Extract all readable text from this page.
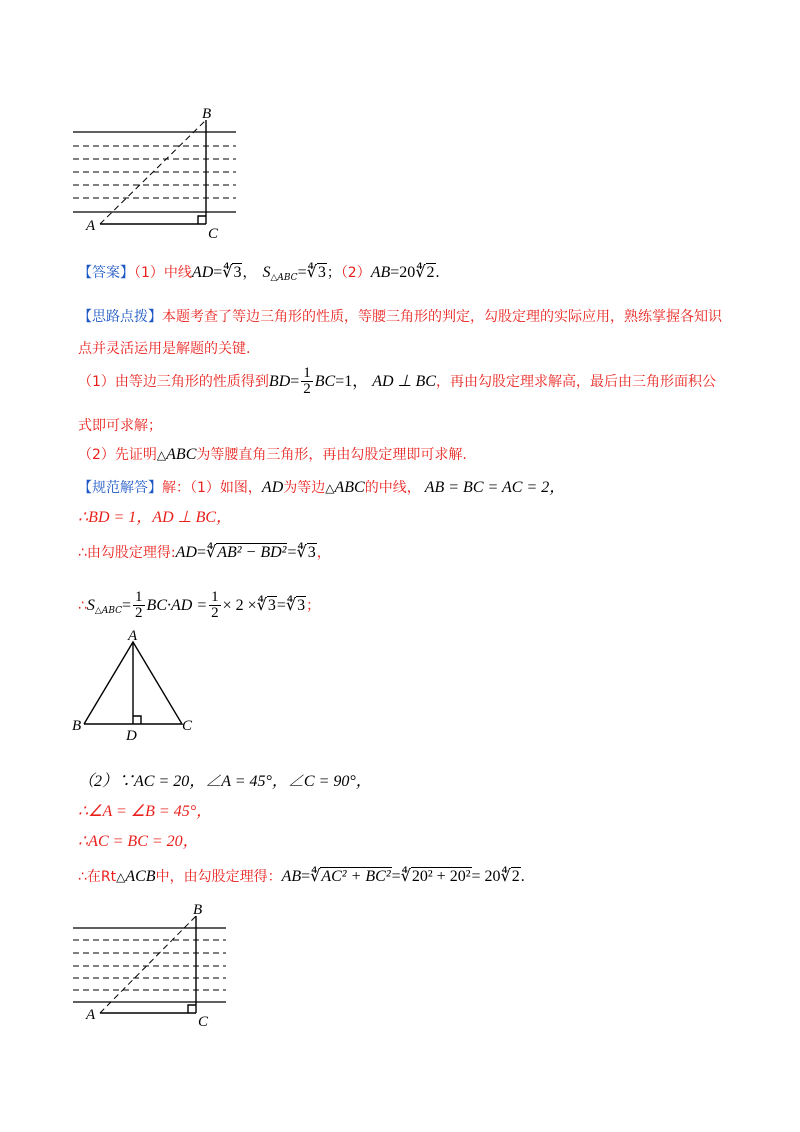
B
A	C
【答案】（1）中线AD=∜3， $S_{\triangle ABC}=∜3$；（2）AB=20∜2.
【思路点拨】本题考查了等边三角形的性质，等腰三角形的判定，勾股定理的实际应用，熟练掌握各知识
点并灵活运用是解题的关键.
（1）由等边三角形的性质得到$BD= \frac{1}{2} BC=1$， AD ⊥ BC，再由勾股定理求解高，最后由三角形面积公
式即可求解；
（2）先证明△ABC为等腰直角三角形，再由勾股定理即可求解.
【规范解答】解：（1）如图，AD为等边△ABC的中线， AB = BC = AC = 2，
∴BD = 1，AD ⊥ BC，
∴由勾股定理得:AD=∜AB² − BD²=∜3，
$\therefore S_{\triangle ABC}= \frac{1}{2} BC\cdot AD = \frac{1}{2} \times 2$ ×∜3=∜3；
A
B	C
D
（2）∵AC = 20，∠A = 45°，∠C = 90°，
∴∠A = ∠B = 45°，
∴AC = BC = 20，
∴在Rt△ACB中，由勾股定理得：AB=∜AC² + BC²=∜20² + 20²= 20∜2.
B
A	C
